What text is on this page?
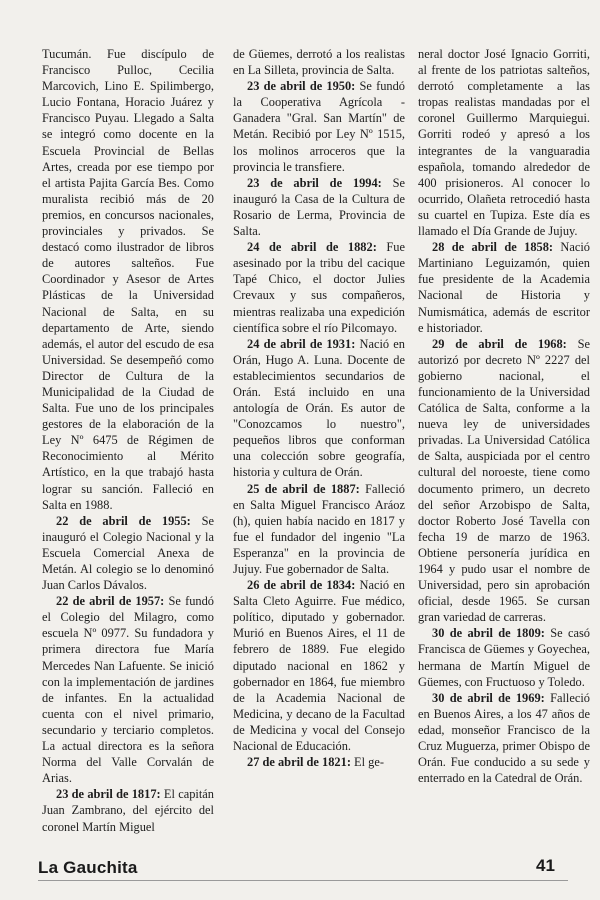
Tucumán. Fue discípulo de Francisco Pulloc, Cecilia Marcovich, Lino E. Spilimbergo, Lucio Fontana, Horacio Juárez y Francisco Puyau. Llegado a Salta se integró como docente en la Escuela Provincial de Bellas Artes, creada por ese tiempo por el artista Pajita García Bes. Como muralista recibió más de 20 premios, en concursos nacionales, provinciales y privados. Se destacó como ilustrador de libros de autores salteños. Fue Coordinador y Asesor de Artes Plásticas de la Universidad Nacional de Salta, en su departamento de Arte, siendo además, el autor del escudo de esa Universidad. Se desempeñó como Director de Cultura de la Municipalidad de la Ciudad de Salta. Fue uno de los principales gestores de la elaboración de la Ley Nº 6475 de Régimen de Reconocimiento al Mérito Artístico, en la que trabajó hasta lograr su sanción. Falleció en Salta en 1988.

22 de abril de 1955: Se inauguró el Colegio Nacional y la Escuela Comercial Anexa de Metán. Al colegio se lo denominó Juan Carlos Dávalos.

22 de abril de 1957: Se fundó el Colegio del Milagro, como escuela Nº 0977. Su fundadora y primera directora fue María Mercedes Nan Lafuente. Se inició con la implementación de jardines de infantes. En la actualidad cuenta con el nivel primario, secundario y terciario completos. La actual directora es la señora Norma del Valle Corvalán de Arias.

23 de abril de 1817: El capitán Juan Zambrano, del ejército del coronel Martín Miguel

de Güemes, derrotó a los realistas en La Silleta, provincia de Salta.

23 de abril de 1950: Se fundó la Cooperativa Agrícola - Ganadera "Gral. San Martín" de Metán. Recibió por Ley Nº 1515, los molinos arroceros que la provincia le transfiere.

23 de abril de 1994: Se inauguró la Casa de la Cultura de Rosario de Lerma, Provincia de Salta.

24 de abril de 1882: Fue asesinado por la tribu del cacique Tapé Chico, el doctor Julies Crevaux y sus compañeros, mientras realizaba una expedición científica sobre el río Pilcomayo.

24 de abril de 1931: Nació en Orán, Hugo A. Luna. Docente de establecimientos secundarios de Orán. Está incluido en una antología de Orán. Es autor de "Conozcamos lo nuestro", pequeños libros que conforman una colección sobre geografía, historia y cultura de Orán.

25 de abril de 1887: Falleció en Salta Miguel Francisco Aráoz (h), quien había nacido en 1817 y fue el fundador del ingenio "La Esperanza" en la provincia de Jujuy. Fue gobernador de Salta.

26 de abril de 1834: Nació en Salta Cleto Aguirre. Fue médico, político, diputado y gobernador. Murió en Buenos Aires, el 11 de febrero de 1889. Fue elegido diputado nacional en 1862 y gobernador en 1864, fue miembro de la Academia Nacional de Medicina, y decano de la Facultad de Medicina y vocal del Consejo Nacional de Educación.

27 de abril de 1821: El ge-

neral doctor José Ignacio Gorriti, al frente de los patriotas salteños, derrotó completamente a las tropas realistas mandadas por el coronel Guillermo Marquiegui. Gorriti rodeó y apresó a los integrantes de la vanguaradia española, tomando alrededor de 400 prisioneros. Al conocer lo ocurrido, Olañeta retrocedió hasta su cuartel en Tupiza. Este día es llamado el Día Grande de Jujuy.

28 de abril de 1858: Nació Martiniano Leguizamón, quien fue presidente de la Academia Nacional de Historia y Numismática, además de escritor e historiador.

29 de abril de 1968: Se autorizó por decreto Nº 2227 del gobierno nacional, el funcionamiento de la Universidad Católica de Salta, conforme a la nueva ley de universidades privadas. La Universidad Católica de Salta, auspiciada por el centro cultural del noroeste, tiene como documento primero, un decreto del señor Arzobispo de Salta, doctor Roberto José Tavella con fecha 19 de marzo de 1963. Obtiene personería jurídica en 1964 y pudo usar el nombre de Universidad, pero sin aprobación oficial, desde 1965. Se cursan gran variedad de carreras.

30 de abril de 1809: Se casó Francisca de Güemes y Goyechea, hermana de Martín Miguel de Güemes, con Fructuoso y Toledo.

30 de abril de 1969: Falleció en Buenos Aires, a los 47 años de edad, monseñor Francisco de la Cruz Muguerza, primer Obispo de Orán. Fue conducido a su sede y enterrado en la Catedral de Orán.

La Gauchita	41
